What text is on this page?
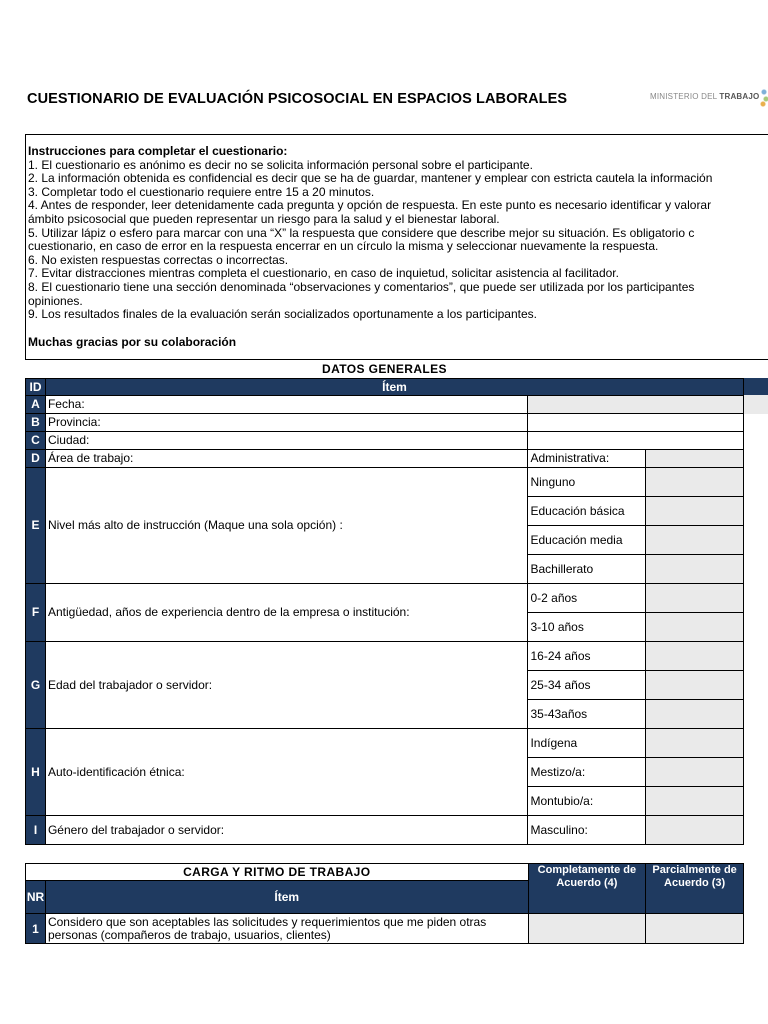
CUESTIONARIO DE EVALUACIÓN PSICOSOCIAL EN ESPACIOS LABORALES	MINISTERIO DEL TRABAJO
Instrucciones para completar el cuestionario:
1. El cuestionario es anónimo es decir no se solicita información personal sobre el participante.
2. La información obtenida es confidencial es decir que se ha de guardar, mantener y emplear con estricta cautela la información
3. Completar todo el cuestionario requiere entre 15 a 20 minutos.
4. Antes de responder, leer detenidamente cada pregunta y opción de respuesta. En este punto es necesario identificar y valorar
ámbito psicosocial que pueden representar un riesgo para la salud y el bienestar laboral.
5. Utilizar lápiz o esfero para marcar con una “X” la respuesta que considere que describe mejor su situación. Es obligatorio c
cuestionario, en caso de error en la respuesta encerrar en un círculo la misma y seleccionar nuevamente la respuesta.
6. No existen respuestas correctas o incorrectas.
7. Evitar distracciones mientras completa el cuestionario, en caso de inquietud, solicitar asistencia al facilitador.
8. El cuestionario tiene una sección denominada “observaciones y comentarios”, que puede ser utilizada por los participantes
opiniones.
9. Los resultados finales de la evaluación serán socializados oportunamente a los participantes.
Muchas gracias por su colaboración
DATOS GENERALES			
ID	Ítem		
A	Fecha:		
B	Provincia:		
C	Ciudad:		
D	Área de trabajo:	Administrativa:	
E	Nivel más alto de instrucción (Maque una sola opción) :	Ninguno	
		Educación básica	
		Educación media	
		Bachillerato	
F	Antigüedad, años de experiencia dentro de la empresa o institución:	0-2 años	
		3-10 años	
G	Edad del trabajador o servidor:	16-24 años	
		25-34 años	
		35-43años	
H	Auto-identificación étnica:	Indígena	
		Mestizo/a:	
		Montubio/a:	
I	Género del trabajador o servidor:	Masculino:	
CARGA Y RITMO DE TRABAJO		Completamente de Acuerdo (4)	Parcialmente de Acuerdo (3)
NR	Ítem		
1	Considero que son aceptables las solicitudes y requerimientos que me piden otras
personas (compañeros de trabajo, usuarios, clientes)		
